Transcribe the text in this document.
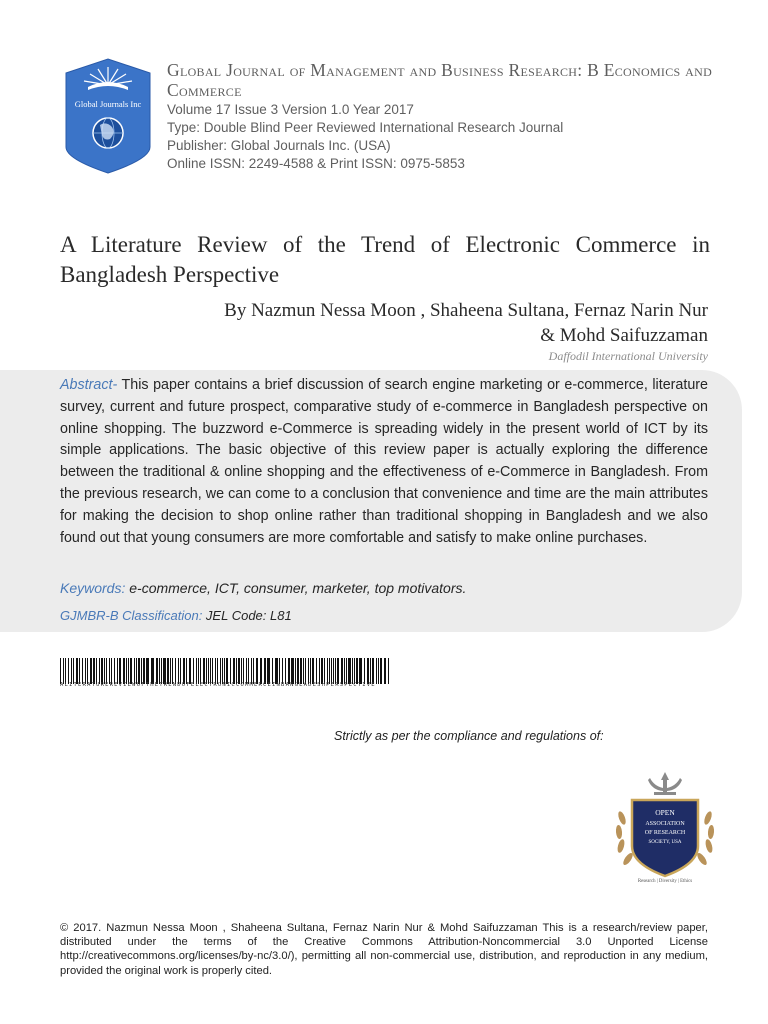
Global Journals Inc
Global Journal of Management and Business Research: B Economics and Commerce
Volume 17 Issue 3 Version 1.0 Year 2017
Type: Double Blind Peer Reviewed International Research Journal
Publisher: Global Journals Inc. (USA)
Online ISSN: 2249-4588 & Print ISSN: 0975-5853
A Literature Review of the Trend of Electronic Commerce in Bangladesh Perspective
By Nazmun Nessa Moon , Shaheena Sultana, Fernaz Narin Nur
& Mohd Saifuzzaman
Daffodil International University
Abstract- This paper contains a brief discussion of search engine marketing or e-commerce, literature survey, current and future prospect, comparative study of e-commerce in Bangladesh perspective on online shopping. The buzzword e-Commerce is spreading widely in the present world of ICT by its simple applications. The basic objective of this review paper is actually exploring the difference between the traditional & online shopping and the effectiveness of e-Commerce in Bangladesh. From the previous research, we can come to a conclusion that convenience and time are the main attributes for making the decision to shop online rather than traditional shopping in Bangladesh and we also found out that young consumers are more comfortable and satisfy to make online purchases.
Keywords: e-commerce, ICT, consumer, marketer, top motivators.
GJMBR-B Classification: JEL Code: L81
ALITERATUREREVIEWOFTHETRENDOFELECTRONICCOMMERCEINBANGLADESHPERSPECTIVE
Strictly as per the compliance and regulations of:
OPEN
ASSOCIATION
OF RESEARCH
SOCIETY, USA
Research | Diversity | Ethics
© 2017. Nazmun Nessa Moon , Shaheena Sultana, Fernaz Narin Nur & Mohd Saifuzzaman This is a research/review paper, distributed under the terms of the Creative Commons Attribution-Noncommercial 3.0 Unported License http://creativecommons.org/licenses/by-nc/3.0/), permitting all non-commercial use, distribution, and reproduction in any medium, provided the original work is properly cited.
